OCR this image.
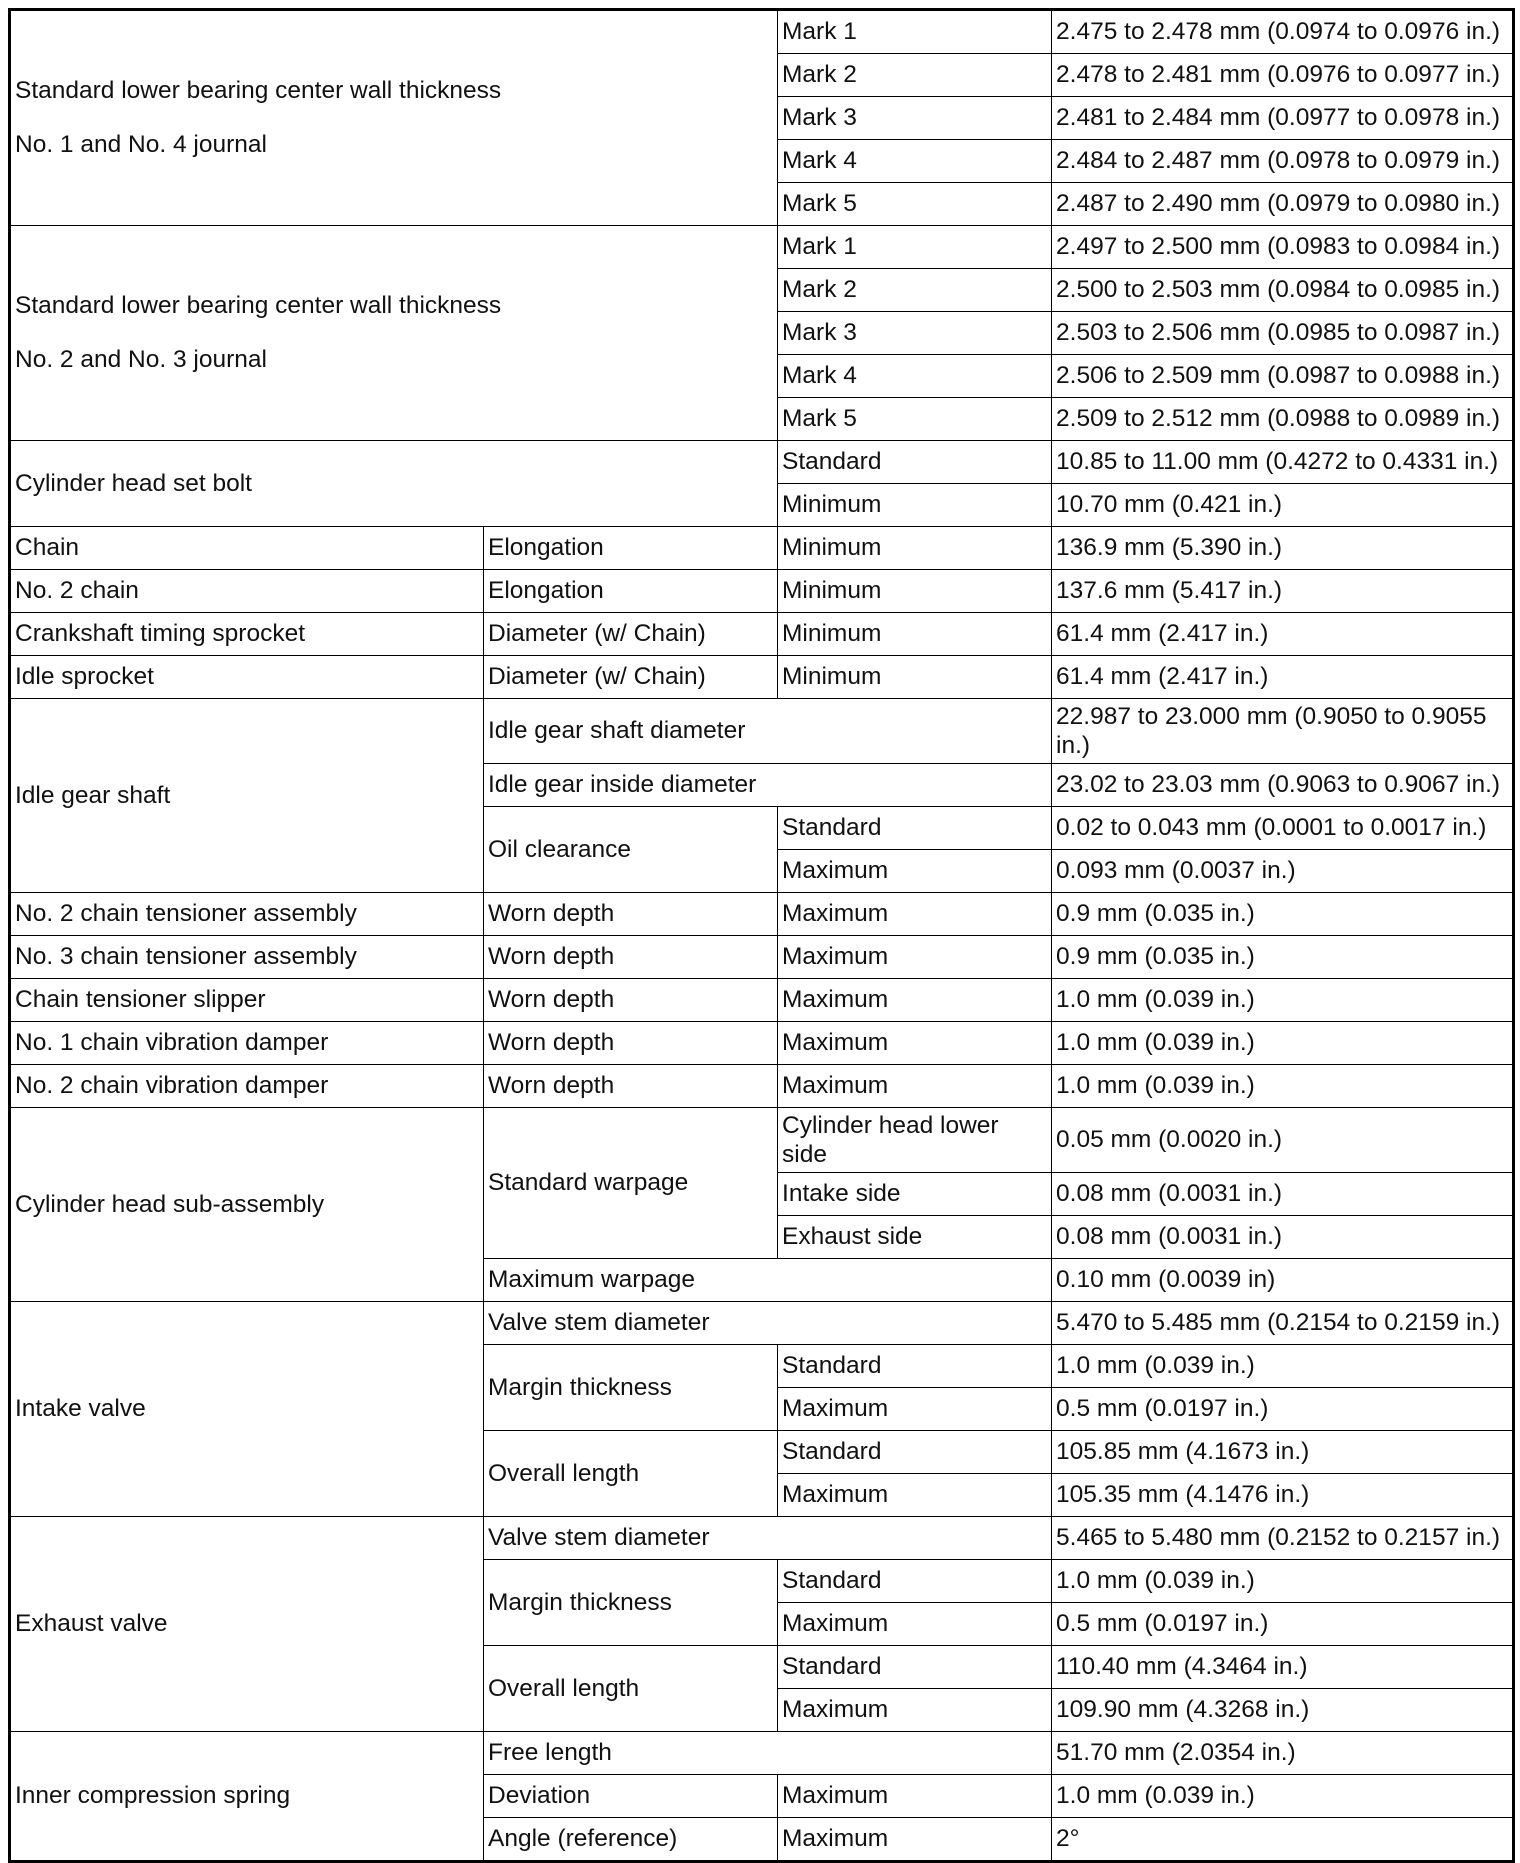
Standard lower bearing center wall thickness
No. 1 and No. 4 journal		Mark 1	2.475 to 2.478 mm (0.0974 to 0.0976 in.)
		Mark 2	2.478 to 2.481 mm (0.0976 to 0.0977 in.)
		Mark 3	2.481 to 2.484 mm (0.0977 to 0.0978 in.)
		Mark 4	2.484 to 2.487 mm (0.0978 to 0.0979 in.)
		Mark 5	2.487 to 2.490 mm (0.0979 to 0.0980 in.)
Standard lower bearing center wall thickness
No. 2 and No. 3 journal		Mark 1	2.497 to 2.500 mm (0.0983 to 0.0984 in.)
		Mark 2	2.500 to 2.503 mm (0.0984 to 0.0985 in.)
		Mark 3	2.503 to 2.506 mm (0.0985 to 0.0987 in.)
		Mark 4	2.506 to 2.509 mm (0.0987 to 0.0988 in.)
		Mark 5	2.509 to 2.512 mm (0.0988 to 0.0989 in.)
Cylinder head set bolt		Standard	10.85 to 11.00 mm (0.4272 to 0.4331 in.)
		Minimum	10.70 mm (0.421 in.)
Chain	Elongation	Minimum	136.9 mm (5.390 in.)
No. 2 chain	Elongation	Minimum	137.6 mm (5.417 in.)
Crankshaft timing sprocket	Diameter (w/ Chain)	Minimum	61.4 mm (2.417 in.)
Idle sprocket	Diameter (w/ Chain)	Minimum	61.4 mm (2.417 in.)
Idle gear shaft	Idle gear shaft diameter		22.987 to 23.000 mm (0.9050 to 0.9055 in.)
	Idle gear inside diameter		23.02 to 23.03 mm (0.9063 to 0.9067 in.)
	Oil clearance	Standard	0.02 to 0.043 mm (0.0001 to 0.0017 in.)
		Maximum	0.093 mm (0.0037 in.)
No. 2 chain tensioner assembly	Worn depth	Maximum	0.9 mm (0.035 in.)
No. 3 chain tensioner assembly	Worn depth	Maximum	0.9 mm (0.035 in.)
Chain tensioner slipper	Worn depth	Maximum	1.0 mm (0.039 in.)
No. 1 chain vibration damper	Worn depth	Maximum	1.0 mm (0.039 in.)
No. 2 chain vibration damper	Worn depth	Maximum	1.0 mm (0.039 in.)
Cylinder head sub-assembly	Standard warpage	Cylinder head lower side	0.05 mm (0.0020 in.)
		Intake side	0.08 mm (0.0031 in.)
		Exhaust side	0.08 mm (0.0031 in.)
	Maximum warpage		0.10 mm (0.0039 in)
Intake valve	Valve stem diameter		5.470 to 5.485 mm (0.2154 to 0.2159 in.)
	Margin thickness	Standard	1.0 mm (0.039 in.)
		Maximum	0.5 mm (0.0197 in.)
	Overall length	Standard	105.85 mm (4.1673 in.)
		Maximum	105.35 mm (4.1476 in.)
Exhaust valve	Valve stem diameter		5.465 to 5.480 mm (0.2152 to 0.2157 in.)
	Margin thickness	Standard	1.0 mm (0.039 in.)
		Maximum	0.5 mm (0.0197 in.)
	Overall length	Standard	110.40 mm (4.3464 in.)
		Maximum	109.90 mm (4.3268 in.)
Inner compression spring	Free length		51.70 mm (2.0354 in.)
	Deviation	Maximum	1.0 mm (0.039 in.)
	Angle (reference)	Maximum	2°
